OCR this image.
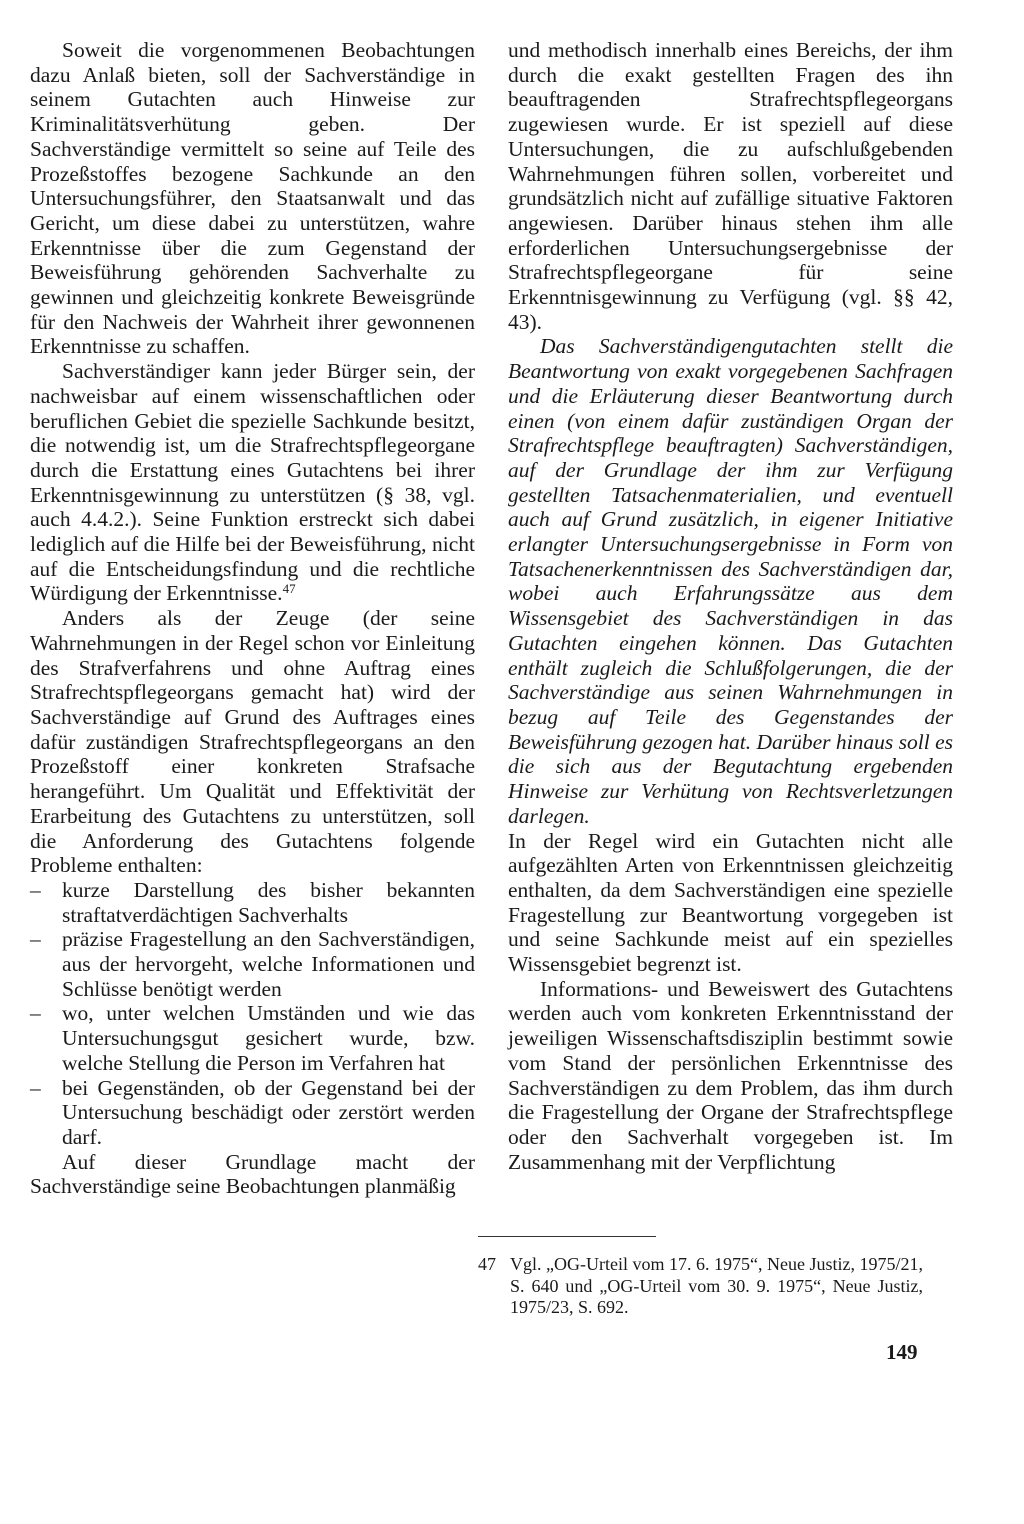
Soweit die vorgenommenen Beobachtungen dazu Anlaß bieten, soll der Sachverständige in seinem Gutachten auch Hinweise zur Kriminalitätsverhütung geben. Der Sachverständige vermittelt so seine auf Teile des Prozeßstoffes bezogene Sachkunde an den Untersuchungsführer, den Staatsanwalt und das Gericht, um diese dabei zu unterstützen, wahre Erkenntnisse über die zum Gegenstand der Beweisführung gehörenden Sachverhalte zu gewinnen und gleichzeitig konkrete Beweisgründe für den Nachweis der Wahrheit ihrer gewonnenen Erkenntnisse zu schaffen.

Sachverständiger kann jeder Bürger sein, der nachweisbar auf einem wissenschaftlichen oder beruflichen Gebiet die spezielle Sachkunde besitzt, die notwendig ist, um die Strafrechtspflegeorgane durch die Erstattung eines Gutachtens bei ihrer Erkenntnisgewinnung zu unterstützen (§ 38, vgl. auch 4.4.2.). Seine Funktion erstreckt sich dabei lediglich auf die Hilfe bei der Beweisführung, nicht auf die Entscheidungsfindung und die rechtliche Würdigung der Erkenntnisse.$^{47}$

Anders als der Zeuge (der seine Wahrnehmungen in der Regel schon vor Einleitung des Strafverfahrens und ohne Auftrag eines Strafrechtspflegeorgans gemacht hat) wird der Sachverständige auf Grund des Auftrages eines dafür zuständigen Strafrechtspflegeorgans an den Prozeßstoff einer konkreten Strafsache herangeführt. Um Qualität und Effektivität der Erarbeitung des Gutachtens zu unterstützen, soll die Anforderung des Gutachtens folgende Probleme enthalten:

– kurze Darstellung des bisher bekannten straftatverdächtigen Sachverhalts
– präzise Fragestellung an den Sachverständigen, aus der hervorgeht, welche Informationen und Schlüsse benötigt werden
– wo, unter welchen Umständen und wie das Untersuchungsgut gesichert wurde, bzw. welche Stellung die Person im Verfahren hat
– bei Gegenständen, ob der Gegenstand bei der Untersuchung beschädigt oder zerstört werden darf.

Auf dieser Grundlage macht der Sachverständige seine Beobachtungen planmäßig

und methodisch innerhalb eines Bereichs, der ihm durch die exakt gestellten Fragen des ihn beauftragenden Strafrechtspflegeorgans zugewiesen wurde. Er ist speziell auf diese Untersuchungen, die zu aufschlußgebenden Wahrnehmungen führen sollen, vorbereitet und grundsätzlich nicht auf zufällige situative Faktoren angewiesen. Darüber hinaus stehen ihm alle erforderlichen Untersuchungsergebnisse der Strafrechtspflegeorgane für seine Erkenntnisgewinnung zu Verfügung (vgl. §§ 42, 43).

Das Sachverständigengutachten stellt die Beantwortung von exakt vorgegebenen Sachfragen und die Erläuterung dieser Beantwortung durch einen (von einem dafür zuständigen Organ der Strafrechtspflege beauftragten) Sachverständigen, auf der Grundlage der ihm zur Verfügung gestellten Tatsachenmaterialien, und eventuell auch auf Grund zusätzlich, in eigener Initiative erlangter Untersuchungsergebnisse in Form von Tatsachenerkenntnissen des Sachverständigen dar, wobei auch Erfahrungssätze aus dem Wissensgebiet des Sachverständigen in das Gutachten eingehen können. Das Gutachten enthält zugleich die Schlußfolgerungen, die der Sachverständige aus seinen Wahrnehmungen in bezug auf Teile des Gegenstandes der Beweisführung gezogen hat. Darüber hinaus soll es die sich aus der Begutachtung ergebenden Hinweise zur Verhütung von Rechtsverletzungen darlegen.

In der Regel wird ein Gutachten nicht alle aufgezählten Arten von Erkenntnissen gleichzeitig enthalten, da dem Sachverständigen eine spezielle Fragestellung zur Beantwortung vorgegeben ist und seine Sachkunde meist auf ein spezielles Wissensgebiet begrenzt ist.

Informations- und Beweiswert des Gutachtens werden auch vom konkreten Erkenntnisstand der jeweiligen Wissenschaftsdisziplin bestimmt sowie vom Stand der persönlichen Erkenntnisse des Sachverständigen zu dem Problem, das ihm durch die Fragestellung der Organe der Strafrechtspflege oder den Sachverhalt vorgegeben ist. Im Zusammenhang mit der Verpflichtung

47 Vgl. „OG-Urteil vom 17. 6. 1975“, Neue Justiz, 1975/21, S. 640 und „OG-Urteil vom 30. 9. 1975“, Neue Justiz, 1975/23, S. 692.
149
